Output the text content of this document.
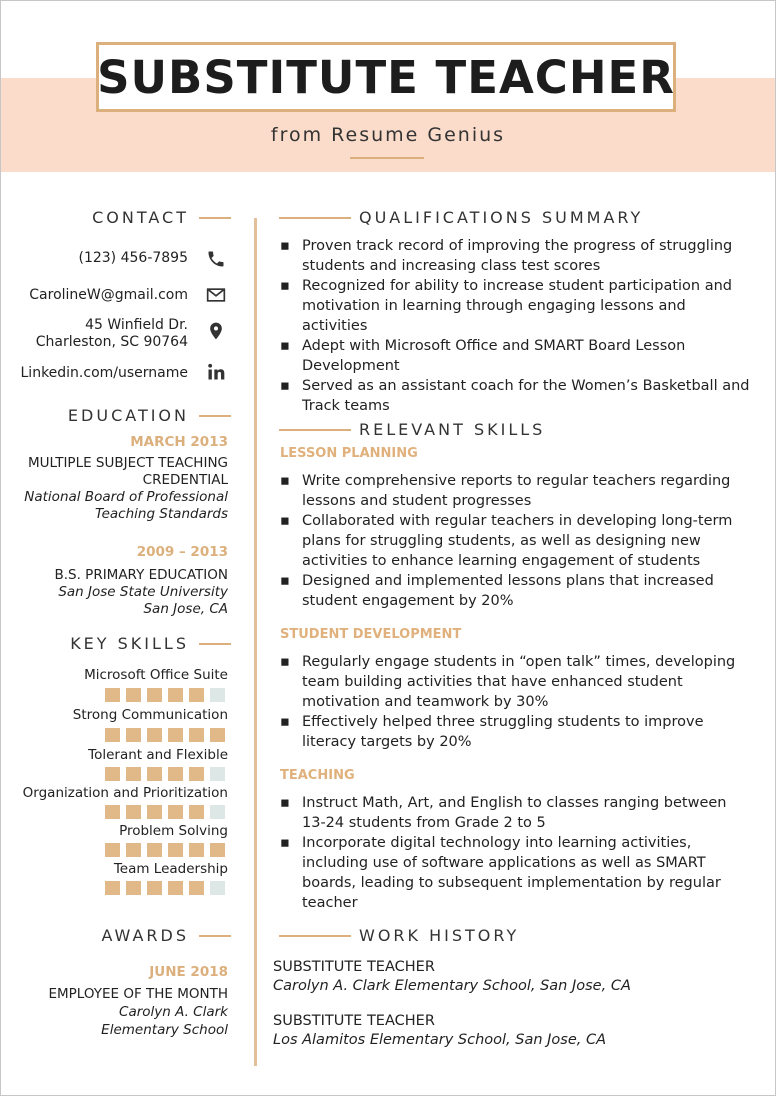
SUBSTITUTE TEACHER
from Resume Genius
CONTACT
(123) 456-7895
CarolineW@gmail.com
45 Winfield Dr.
Charleston, SC 90764
Linkedin.com/username
EDUCATION
MARCH 2013
MULTIPLE SUBJECT TEACHING
CREDENTIAL
National Board of Professional
Teaching Standards
2009 – 2013
B.S. PRIMARY EDUCATION
San Jose State University
San Jose, CA
KEY SKILLS
Microsoft Office Suite
Strong Communication
Tolerant and Flexible
Organization and Prioritization
Problem Solving
Team Leadership
AWARDS
JUNE 2018
EMPLOYEE OF THE MONTH
Carolyn A. Clark
Elementary School
QUALIFICATIONS SUMMARY
▪ Proven track record of improving the progress of struggling students and increasing class test scores
▪ Recognized for ability to increase student participation and motivation in learning through engaging lessons and activities
▪ Adept with Microsoft Office and SMART Board Lesson Development
▪ Served as an assistant coach for the Women’s Basketball and Track teams
RELEVANT SKILLS
LESSON PLANNING
▪ Write comprehensive reports to regular teachers regarding lessons and student progresses
▪ Collaborated with regular teachers in developing long-term plans for struggling students, as well as designing new activities to enhance learning engagement of students
▪ Designed and implemented lessons plans that increased student engagement by 20%
STUDENT DEVELOPMENT
▪ Regularly engage students in “open talk” times, developing team building activities that have enhanced student motivation and teamwork by 30%
▪ Effectively helped three struggling students to improve literacy targets by 20%
TEACHING
▪ Instruct Math, Art, and English to classes ranging between 13-24 students from Grade 2 to 5
▪ Incorporate digital technology into learning activities, including use of software applications as well as SMART boards, leading to subsequent implementation by regular teacher
WORK HISTORY
SUBSTITUTE TEACHER
Carolyn A. Clark Elementary School, San Jose, CA
SUBSTITUTE TEACHER
Los Alamitos Elementary School, San Jose, CA
